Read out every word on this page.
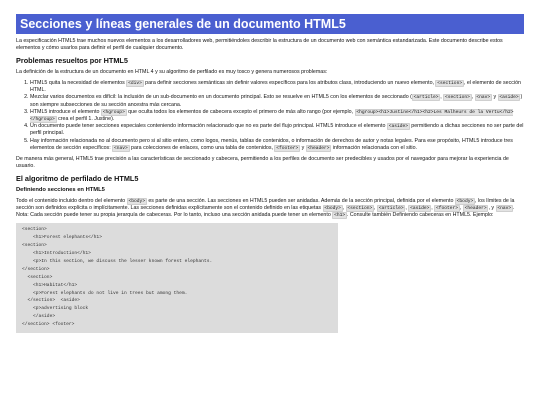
Secciones y líneas generales de un documento HTML5

La especificación HTML5 trae muchos nuevos elementos a los desarrolladores web, permitiéndoles describir la estructura de un documento web con semántica estandarizada. Este documento describe estos elementos y cómo usarlos para definir el perfil de cualquier documento.

Problemas resueltos por HTML5

La definición de la estructura de un documento en HTML 4 y su algoritmo de perfilado es muy tosco y genera numerosos problemas:

1. HTML5 quita la necesidad de elementos <div> para definir secciones semánticas sin definir valores específicos para los atributos class, introduciendo un nuevo elemento, <section> , el elemento de sección HTML.
2. Mezclar varios documentos es difícil: la inclusión de un sub-documento en un documento principal. Esto se resuelve en HTML5 con los elementos de seccionado ( <article> , <section> , <nav> y <aside> ) son siempre subsecciones de su sección ancestra más cercana.
3. HTML5 introduce el elemento <hgroup> que oculta todos los elementos de cabecera excepto el primero de más alto rango (por ejemplo, <hgroup><h1>Justine</h1><h2>Les Malheurs de la Vertu</h2></hgroup> crea el perfil 1. Justine).
4. Un documento puede tener secciones especiales conteniendo información relacionado que no es parte del flujo principal. HTML5 introduce el elemento <aside> permitiendo a dichas secciones no ser parte del perfil principal.
5. Hay información relacionada no al documento pero si al sitio entero, como logos, menús, tablas de contenidos, o información de derechos de autor y notas legales. Para ese propósito, HTML5 introduce tres elementos de sección específicos: <nav> para colecciones de enlaces, como una tabla de contenidos, <footer> y <header> información relacionada con el sitio.

De manera más general, HTML5 trae precisión a las características de seccionado y cabecera, permitiendo a los perfiles de documento ser predecibles y usados por el navegador para mejorar la experiencia de usuario.

El algoritmo de perfilado de HTML5
Definiendo secciones en HTML5

Todo el contenido incluido dentro del elemento <body> es parte de una sección. Las secciones en HTML5 pueden ser anidadas. Además de la sección principal, definida por el elemento <body> , los límites de la sección son definidos explícita o implícitamente. Las secciones definidas explícitamente son el contenido definido en las etiquetas <body> , <section> , <article> , <aside> , <footer> , <header> , y <nav> . Nota: Cada sección puede tener su propia jerarquía de cabeceras. Por lo tanto, incluso una sección anidada puede tener un elemento <h1> . Consulte también Definiendo cabeceras en HTML5. Ejemplo:

<section>
<h1>Forest elephants</h1>
<section>
<h1>Introduction</h1>
<p>In this section, we discuss the lesser known forest elephants.
</section>
<section>
<h1>Habitat</h1>
<p>Forest elephants do not live in trees but among them.
</section>  <aside>
<p>advertising block
</aside>
</section> <footer>
